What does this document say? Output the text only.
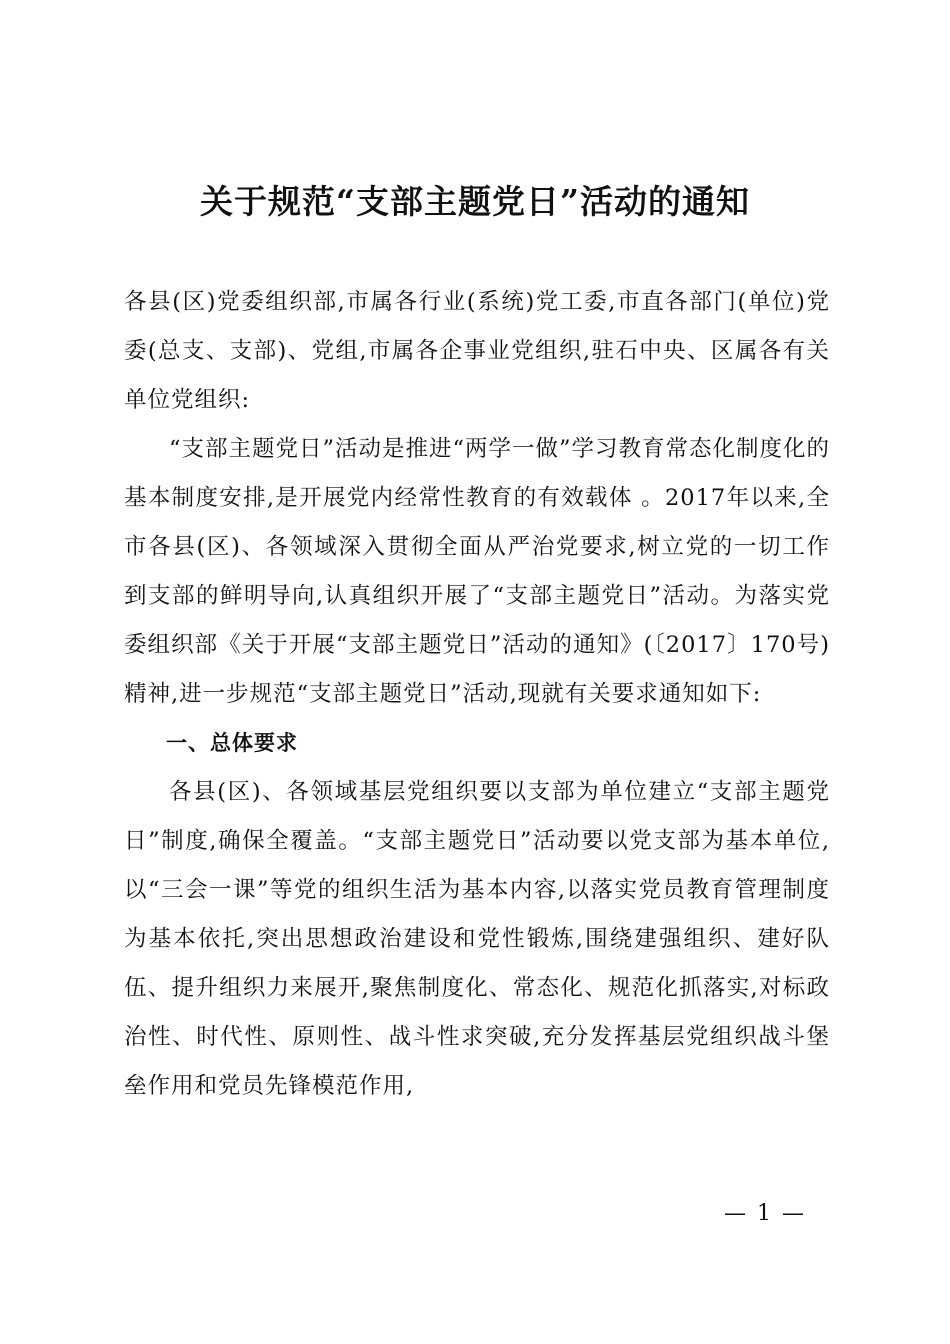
关于规范“支部主题党日”活动的通知

各县(区)党委组织部,市属各行业(系统)党工委,市直各部门(单位)党委(总支、支部)、党组,市属各企事业党组织,驻石中央、区属各有关单位党组织:

“支部主题党日”活动是推进“两学一做”学习教育常态化制度化的基本制度安排,是开展党内经常性教育的有效载体 。2017年以来,全市各县(区)、各领域深入贯彻全面从严治党要求,树立党的一切工作到支部的鲜明导向,认真组织开展了“支部主题党日”活动。为落实党委组织部《关于开展“支部主题党日”活动的通知》(〔2017〕170号)精神,进一步规范“支部主题党日”活动,现就有关要求通知如下:

一、总体要求

各县(区)、各领域基层党组织要以支部为单位建立“支部主题党日”制度,确保全覆盖。“支部主题党日”活动要以党支部为基本单位,以“三会一课”等党的组织生活为基本内容,以落实党员教育管理制度为基本依托,突出思想政治建设和党性锻炼,围绕建强组织、建好队伍、提升组织力来展开,聚焦制度化、常态化、规范化抓落实,对标政治性、时代性、原则性、战斗性求突破,充分发挥基层党组织战斗堡垒作用和党员先锋模范作用,

— 1 —
